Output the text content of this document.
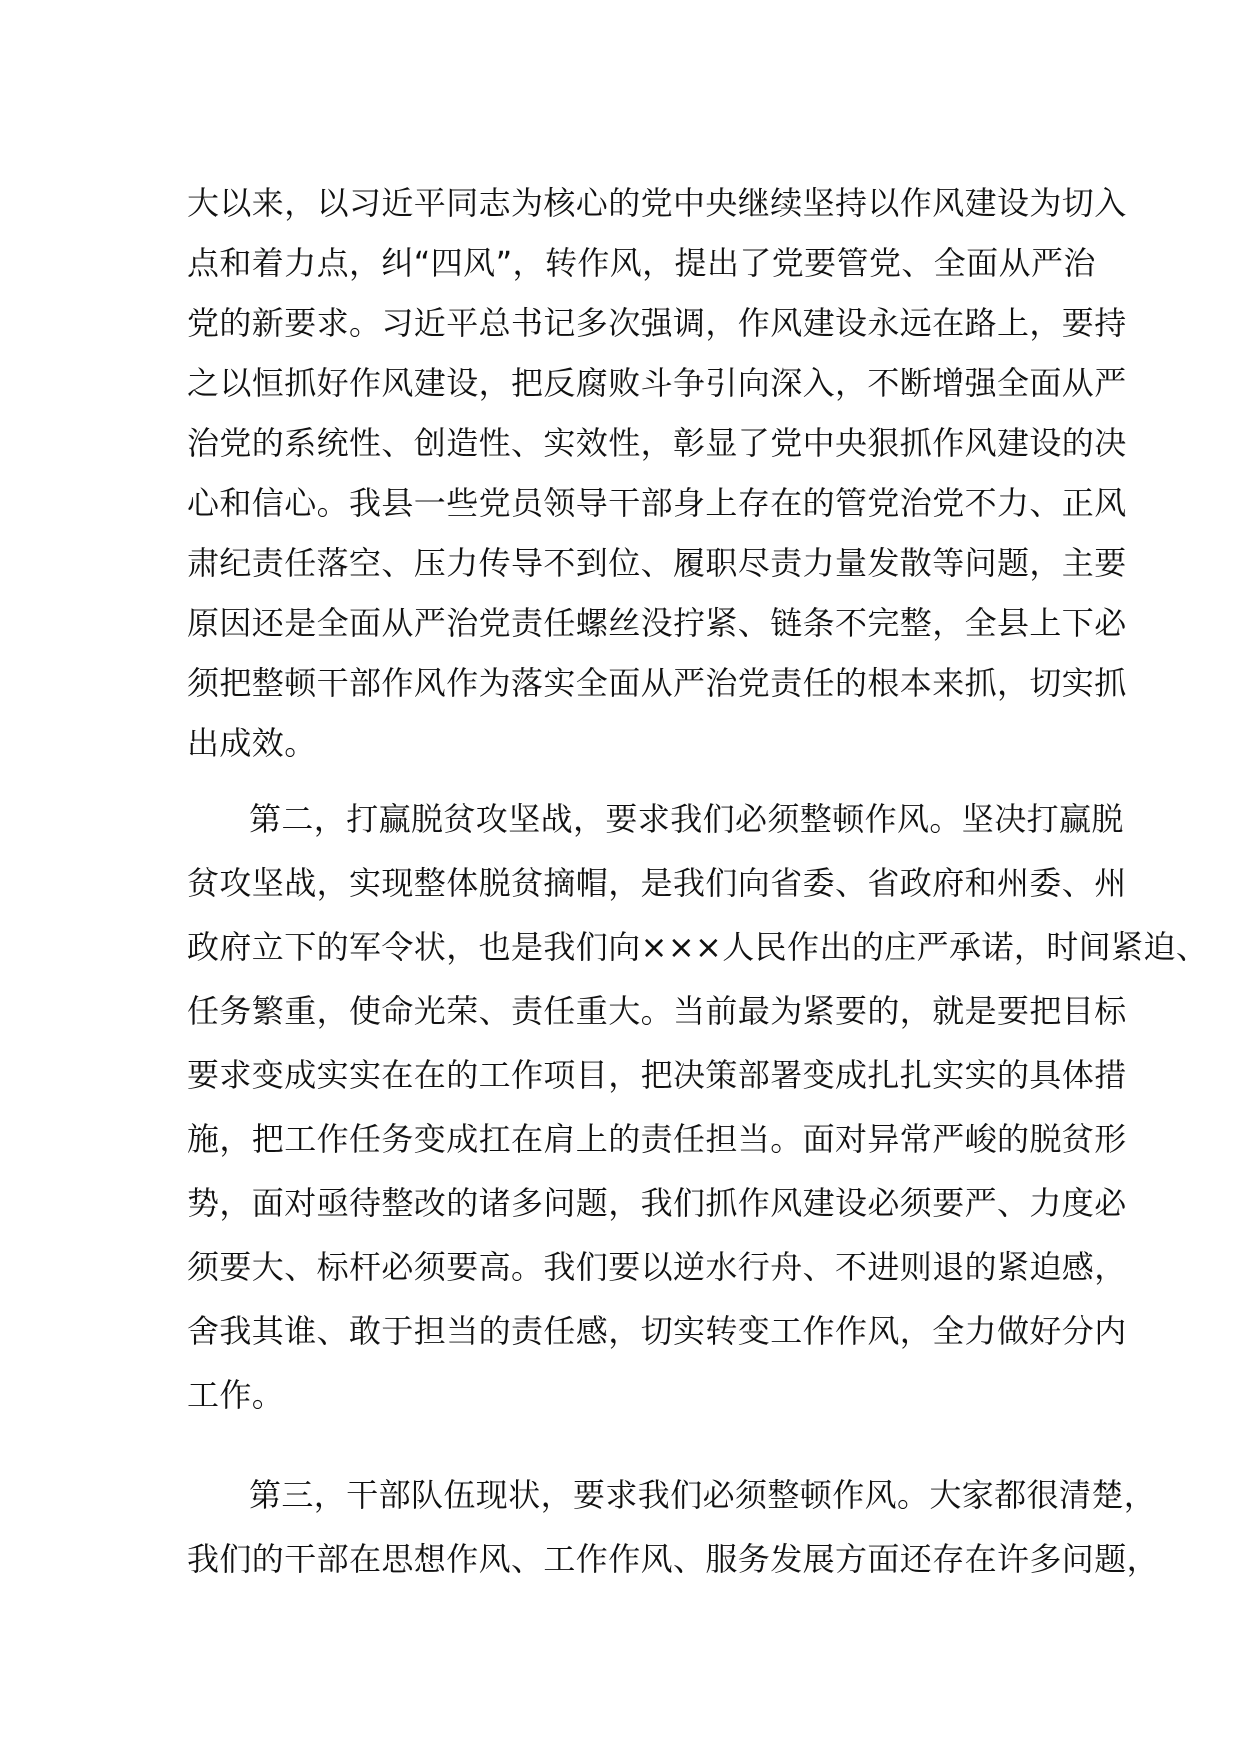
大以来，以习近平同志为核心的党中央继续坚持以作风建设为切入
点和着力点，纠“四风”，转作风，提出了党要管党、全面从严治
党的新要求。习近平总书记多次强调，作风建设永远在路上，要持
之以恒抓好作风建设，把反腐败斗争引向深入，不断增强全面从严
治党的系统性、创造性、实效性，彰显了党中央狠抓作风建设的决
心和信心。我县一些党员领导干部身上存在的管党治党不力、正风
肃纪责任落空、压力传导不到位、履职尽责力量发散等问题，主要
原因还是全面从严治党责任螺丝没拧紧、链条不完整，全县上下必
须把整顿干部作风作为落实全面从严治党责任的根本来抓，切实抓
出成效。
第二，打赢脱贫攻坚战，要求我们必须整顿作风。坚决打赢脱
贫攻坚战，实现整体脱贫摘帽，是我们向省委、省政府和州委、州
政府立下的军令状，也是我们向×××人民作出的庄严承诺，时间紧迫、
任务繁重，使命光荣、责任重大。当前最为紧要的，就是要把目标
要求变成实实在在的工作项目，把决策部署变成扎扎实实的具体措
施，把工作任务变成扛在肩上的责任担当。面对异常严峻的脱贫形
势，面对亟待整改的诸多问题，我们抓作风建设必须要严、力度必
须要大、标杆必须要高。我们要以逆水行舟、不进则退的紧迫感，
舍我其谁、敢于担当的责任感，切实转变工作作风，全力做好分内
工作。
第三，干部队伍现状，要求我们必须整顿作风。大家都很清楚，
我们的干部在思想作风、工作作风、服务发展方面还存在许多问题，
